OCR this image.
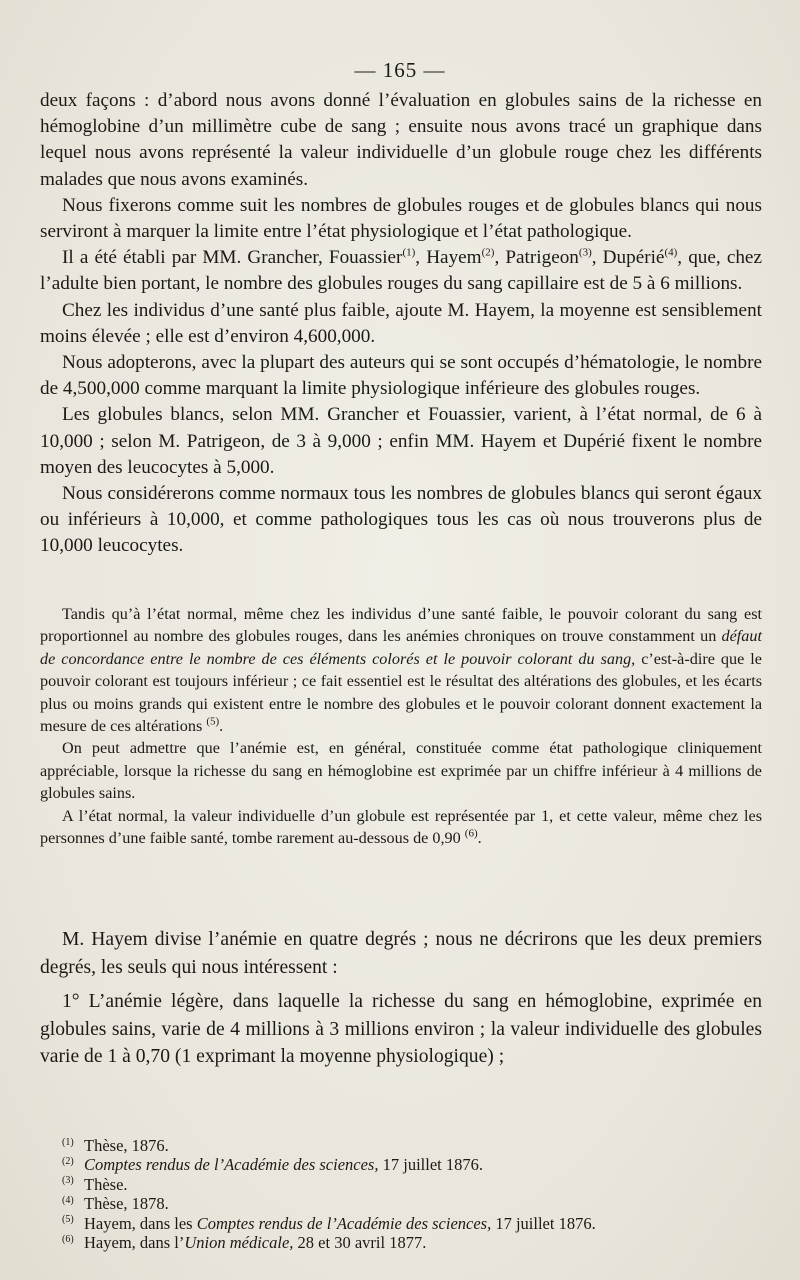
— 165 —

deux façons : d’abord nous avons donné l’évaluation en globules sains de la richesse en hémoglobine d’un millimètre cube de sang ; ensuite nous avons tracé un graphique dans lequel nous avons représenté la valeur individuelle d’un globule rouge chez les différents malades que nous avons examinés.

Nous fixerons comme suit les nombres de globules rouges et de globules blancs qui nous serviront à marquer la limite entre l’état physiologique et l’état pathologique.

Il a été établi par MM. Grancher, Fouassier$^{(1)}$, Hayem$^{(2)}$, Patrigeon$^{(3)}$, Dupérié$^{(4)}$, que, chez l’adulte bien portant, le nombre des globules rouges du sang capillaire est de 5 à 6 millions.

Chez les individus d’une santé plus faible, ajoute M. Hayem, la moyenne est sensiblement moins élevée ; elle est d’environ 4,600,000.

Nous adopterons, avec la plupart des auteurs qui se sont occupés d’hématologie, le nombre de 4,500,000 comme marquant la limite physiologique inférieure des globules rouges.

Les globules blancs, selon MM. Grancher et Fouassier, varient, à l’état normal, de 6 à 10,000 ; selon M. Patrigeon, de 3 à 9,000 ; enfin MM. Hayem et Dupérié fixent le nombre moyen des leucocytes à 5,000.

Nous considérerons comme normaux tous les nombres de globules blancs qui seront égaux ou inférieurs à 10,000, et comme pathologiques tous les cas où nous trouverons plus de 10,000 leucocytes.

Tandis qu’à l’état normal, même chez les individus d’une santé faible, le pouvoir colorant du sang est proportionnel au nombre des globules rouges, dans les anémies chroniques on trouve constamment un défaut de concordance entre le nombre de ces éléments colorés et le pouvoir colorant du sang, c’est-à-dire que le pouvoir colorant est toujours inférieur ; ce fait essentiel est le résultat des altérations des globules, et les écarts plus ou moins grands qui existent entre le nombre des globules et le pouvoir colorant donnent exactement la mesure de ces altérations $^{(5)}$.

On peut admettre que l’anémie est, en général, constituée comme état pathologique cliniquement appréciable, lorsque la richesse du sang en hémoglobine est exprimée par un chiffre inférieur à 4 millions de globules sains.

A l’état normal, la valeur individuelle d’un globule est représentée par 1, et cette valeur, même chez les personnes d’une faible santé, tombe rarement au-dessous de 0,90 $^{(6)}$.

M. Hayem divise l’anémie en quatre degrés ; nous ne décrirons que les deux premiers degrés, les seuls qui nous intéressent :

1° L’anémie légère, dans laquelle la richesse du sang en hémoglobine, exprimée en globules sains, varie de 4 millions à 3 millions environ ; la valeur individuelle des globules varie de 1 à 0,70 (1 exprimant la moyenne physiologique) ;

(1) Thèse, 1876.
(2) Comptes rendus de l’Académie des sciences, 17 juillet 1876.
(3) Thèse.
(4) Thèse, 1878.
(5) Hayem, dans les Comptes rendus de l’Académie des sciences, 17 juillet 1876.
(6) Hayem, dans l’Union médicale, 28 et 30 avril 1877.
